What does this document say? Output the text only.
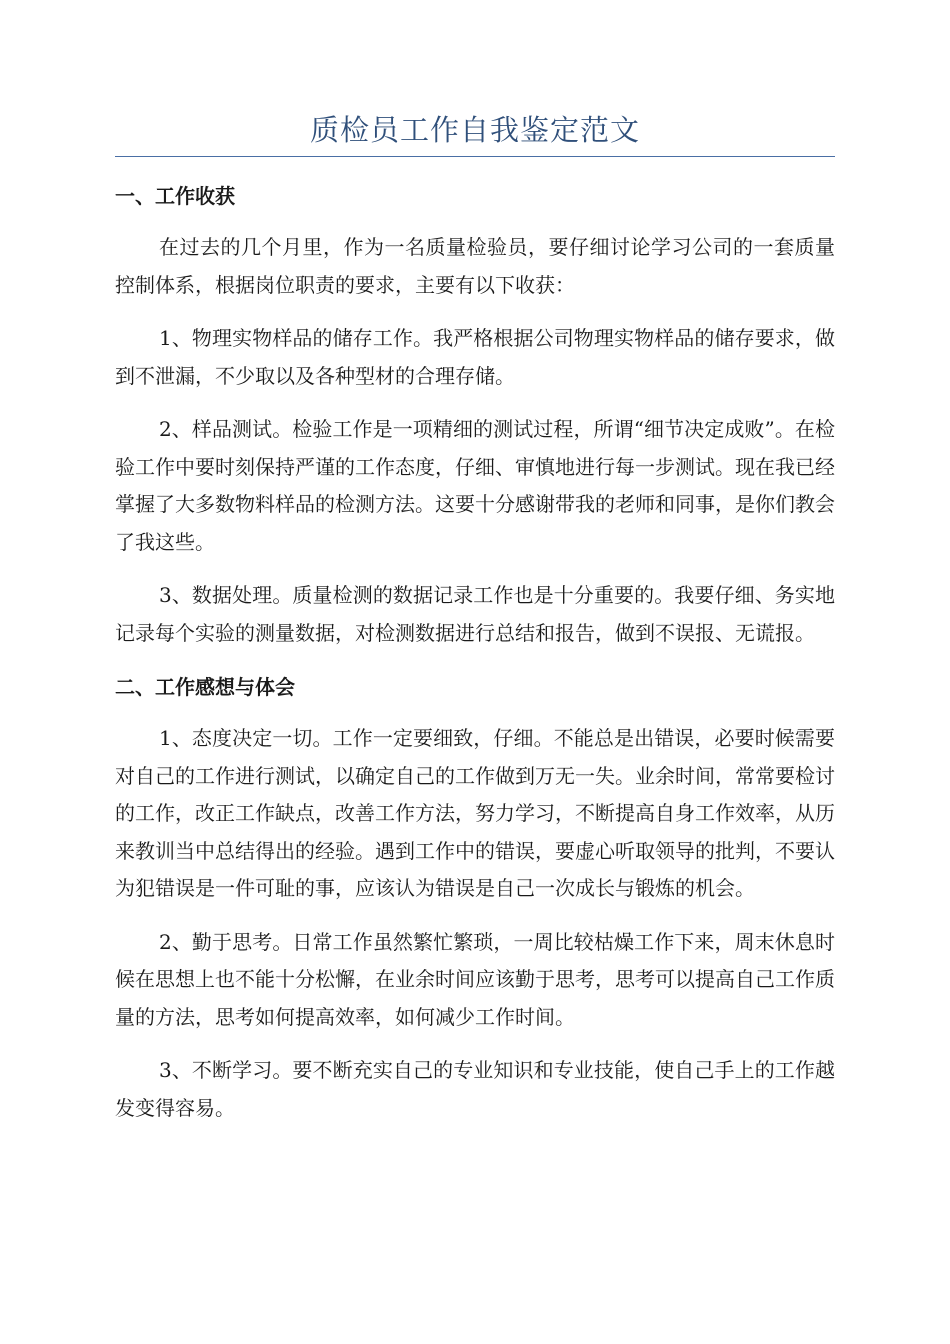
质检员工作自我鉴定范文
一、工作收获

在过去的几个月里，作为一名质量检验员，要仔细讨论学习公司的一套质量控制体系，根据岗位职责的要求，主要有以下收获：

1、物理实物样品的储存工作。我严格根据公司物理实物样品的储存要求，做到不泄漏，不少取以及各种型材的合理存储。

2、样品测试。检验工作是一项精细的测试过程，所谓“细节决定成败”。在检验工作中要时刻保持严谨的工作态度，仔细、审慎地进行每一步测试。现在我已经掌握了大多数物料样品的检测方法。这要十分感谢带我的老师和同事，是你们教会了我这些。

3、数据处理。质量检测的数据记录工作也是十分重要的。我要仔细、务实地记录每个实验的测量数据，对检测数据进行总结和报告，做到不误报、无谎报。

二、工作感想与体会

1、态度决定一切。工作一定要细致，仔细。不能总是出错误，必要时候需要对自己的工作进行测试，以确定自己的工作做到万无一失。业余时间，常常要检讨的工作，改正工作缺点，改善工作方法，努力学习，不断提高自身工作效率，从历来教训当中总结得出的经验。遇到工作中的错误，要虚心听取领导的批判，不要认为犯错误是一件可耻的事，应该认为错误是自己一次成长与锻炼的机会。

2、勤于思考。日常工作虽然繁忙繁琐，一周比较枯燥工作下来，周末休息时候在思想上也不能十分松懈，在业余时间应该勤于思考，思考可以提高自己工作质量的方法，思考如何提高效率，如何减少工作时间。

3、不断学习。要不断充实自己的专业知识和专业技能，使自己手上的工作越发变得容易。
